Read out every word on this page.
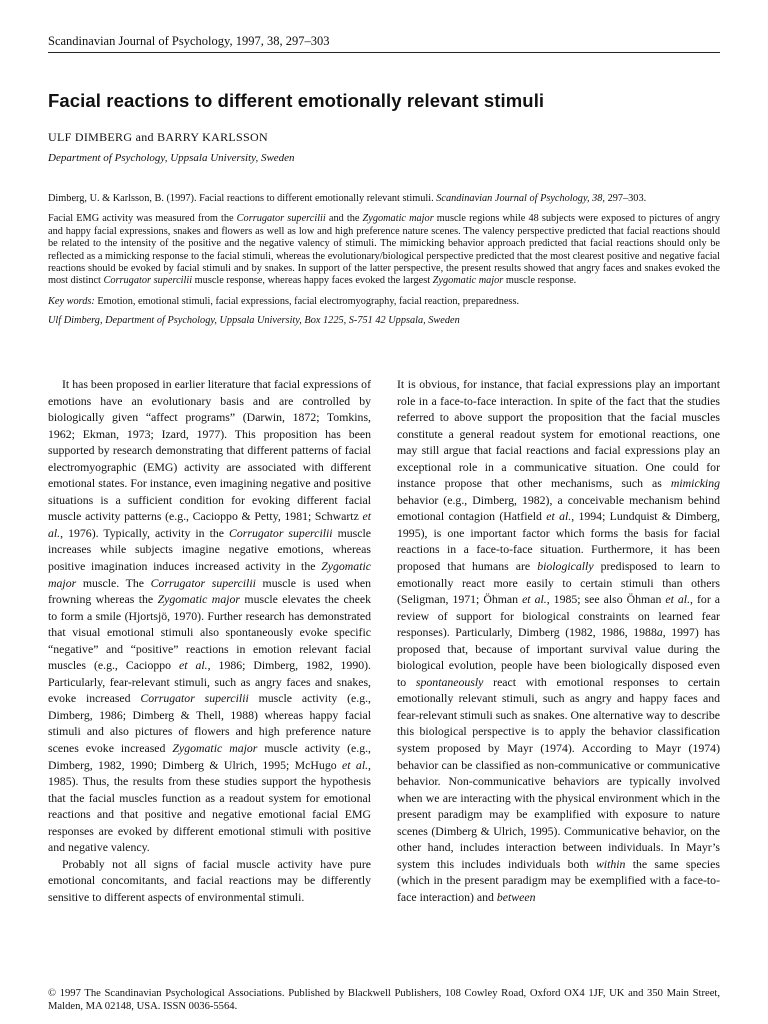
Scandinavian Journal of Psychology, 1997, 38, 297–303
Facial reactions to different emotionally relevant stimuli
ULF DIMBERG and BARRY KARLSSON
Department of Psychology, Uppsala University, Sweden

Dimberg, U. & Karlsson, B. (1997). Facial reactions to different emotionally relevant stimuli. Scandinavian Journal of Psychology, 38, 297–303.

Facial EMG activity was measured from the Corrugator supercilii and the Zygomatic major muscle regions while 48 subjects were exposed to pictures of angry and happy facial expressions, snakes and flowers as well as low and high preference nature scenes. The valency perspective predicted that facial reactions should be related to the intensity of the positive and the negative valency of stimuli. The mimicking behavior approach predicted that facial reactions should only be reflected as a mimicking response to the facial stimuli, whereas the evolutionary/biological perspective predicted that the most clearest positive and negative facial reactions should be evoked by facial stimuli and by snakes. In support of the latter perspective, the present results showed that angry faces and snakes evoked the most distinct Corrugator supercilii muscle response, whereas happy faces evoked the largest Zygomatic major muscle response.

Key words: Emotion, emotional stimuli, facial expressions, facial electromyography, facial reaction, preparedness.

Ulf Dimberg, Department of Psychology, Uppsala University, Box 1225, S-751 42 Uppsala, Sweden

It has been proposed in earlier literature that facial expressions of emotions have an evolutionary basis and are controlled by biologically given “affect programs” (Darwin, 1872; Tomkins, 1962; Ekman, 1973; Izard, 1977). This proposition has been supported by research demonstrating that different patterns of facial electromyographic (EMG) activity are associated with different emotional states. For instance, even imagining negative and positive situations is a sufficient condition for evoking different facial muscle activity patterns (e.g., Cacioppo & Petty, 1981; Schwartz et al., 1976). Typically, activity in the Corrugator supercilii muscle increases while subjects imagine negative emotions, whereas positive imagination induces increased activity in the Zygomatic major muscle. The Corrugator supercilii muscle is used when frowning whereas the Zygomatic major muscle elevates the cheek to form a smile (Hjortsjö, 1970). Further research has demonstrated that visual emotional stimuli also spontaneously evoke specific “negative” and “positive” reactions in emotion relevant facial muscles (e.g., Cacioppo et al., 1986; Dimberg, 1982, 1990). Particularly, fear-relevant stimuli, such as angry faces and snakes, evoke increased Corrugator supercilii muscle activity (e.g., Dimberg, 1986; Dimberg & Thell, 1988) whereas happy facial stimuli and also pictures of flowers and high preference nature scenes evoke increased Zygomatic major muscle activity (e.g., Dimberg, 1982, 1990; Dimberg & Ulrich, 1995; McHugo et al., 1985). Thus, the results from these studies support the hypothesis that the facial muscles function as a readout system for emotional reactions and that positive and negative emotional facial EMG responses are evoked by different emotional stimuli with positive and negative valency.

Probably not all signs of facial muscle activity have pure emotional concomitants, and facial reactions may be differently sensitive to different aspects of environmental stimuli.

It is obvious, for instance, that facial expressions play an important role in a face-to-face interaction. In spite of the fact that the studies referred to above support the proposition that the facial muscles constitute a general readout system for emotional reactions, one may still argue that facial reactions and facial expressions play an exceptional role in a communicative situation. One could for instance propose that other mechanisms, such as mimicking behavior (e.g., Dimberg, 1982), a conceivable mechanism behind emotional contagion (Hatfield et al., 1994; Lundquist & Dimberg, 1995), is one important factor which forms the basis for facial reactions in a face-to-face situation. Furthermore, it has been proposed that humans are biologically predisposed to learn to emotionally react more easily to certain stimuli than others (Seligman, 1971; Öhman et al., 1985; see also Öhman et al., for a review of support for biological constraints on learned fear responses). Particularly, Dimberg (1982, 1986, 1988a, 1997) has proposed that, because of important survival value during the biological evolution, people have been biologically disposed even to spontaneously react with emotional responses to certain emotionally relevant stimuli, such as angry and happy faces and fear-relevant stimuli such as snakes. One alternative way to describe this biological perspective is to apply the behavior classification system proposed by Mayr (1974). According to Mayr (1974) behavior can be classified as non-communicative or communicative behavior. Non-communicative behaviors are typically involved when we are interacting with the physical environment which in the present paradigm may be examplified with exposure to nature scenes (Dimberg & Ulrich, 1995). Communicative behavior, on the other hand, includes interaction between individuals. In Mayr’s system this includes individuals both within the same species (which in the present paradigm may be exemplified with a face-to-face interaction) and between

© 1997 The Scandinavian Psychological Associations. Published by Blackwell Publishers, 108 Cowley Road, Oxford OX4 1JF, UK and 350 Main Street, Malden, MA 02148, USA. ISSN 0036-5564.
